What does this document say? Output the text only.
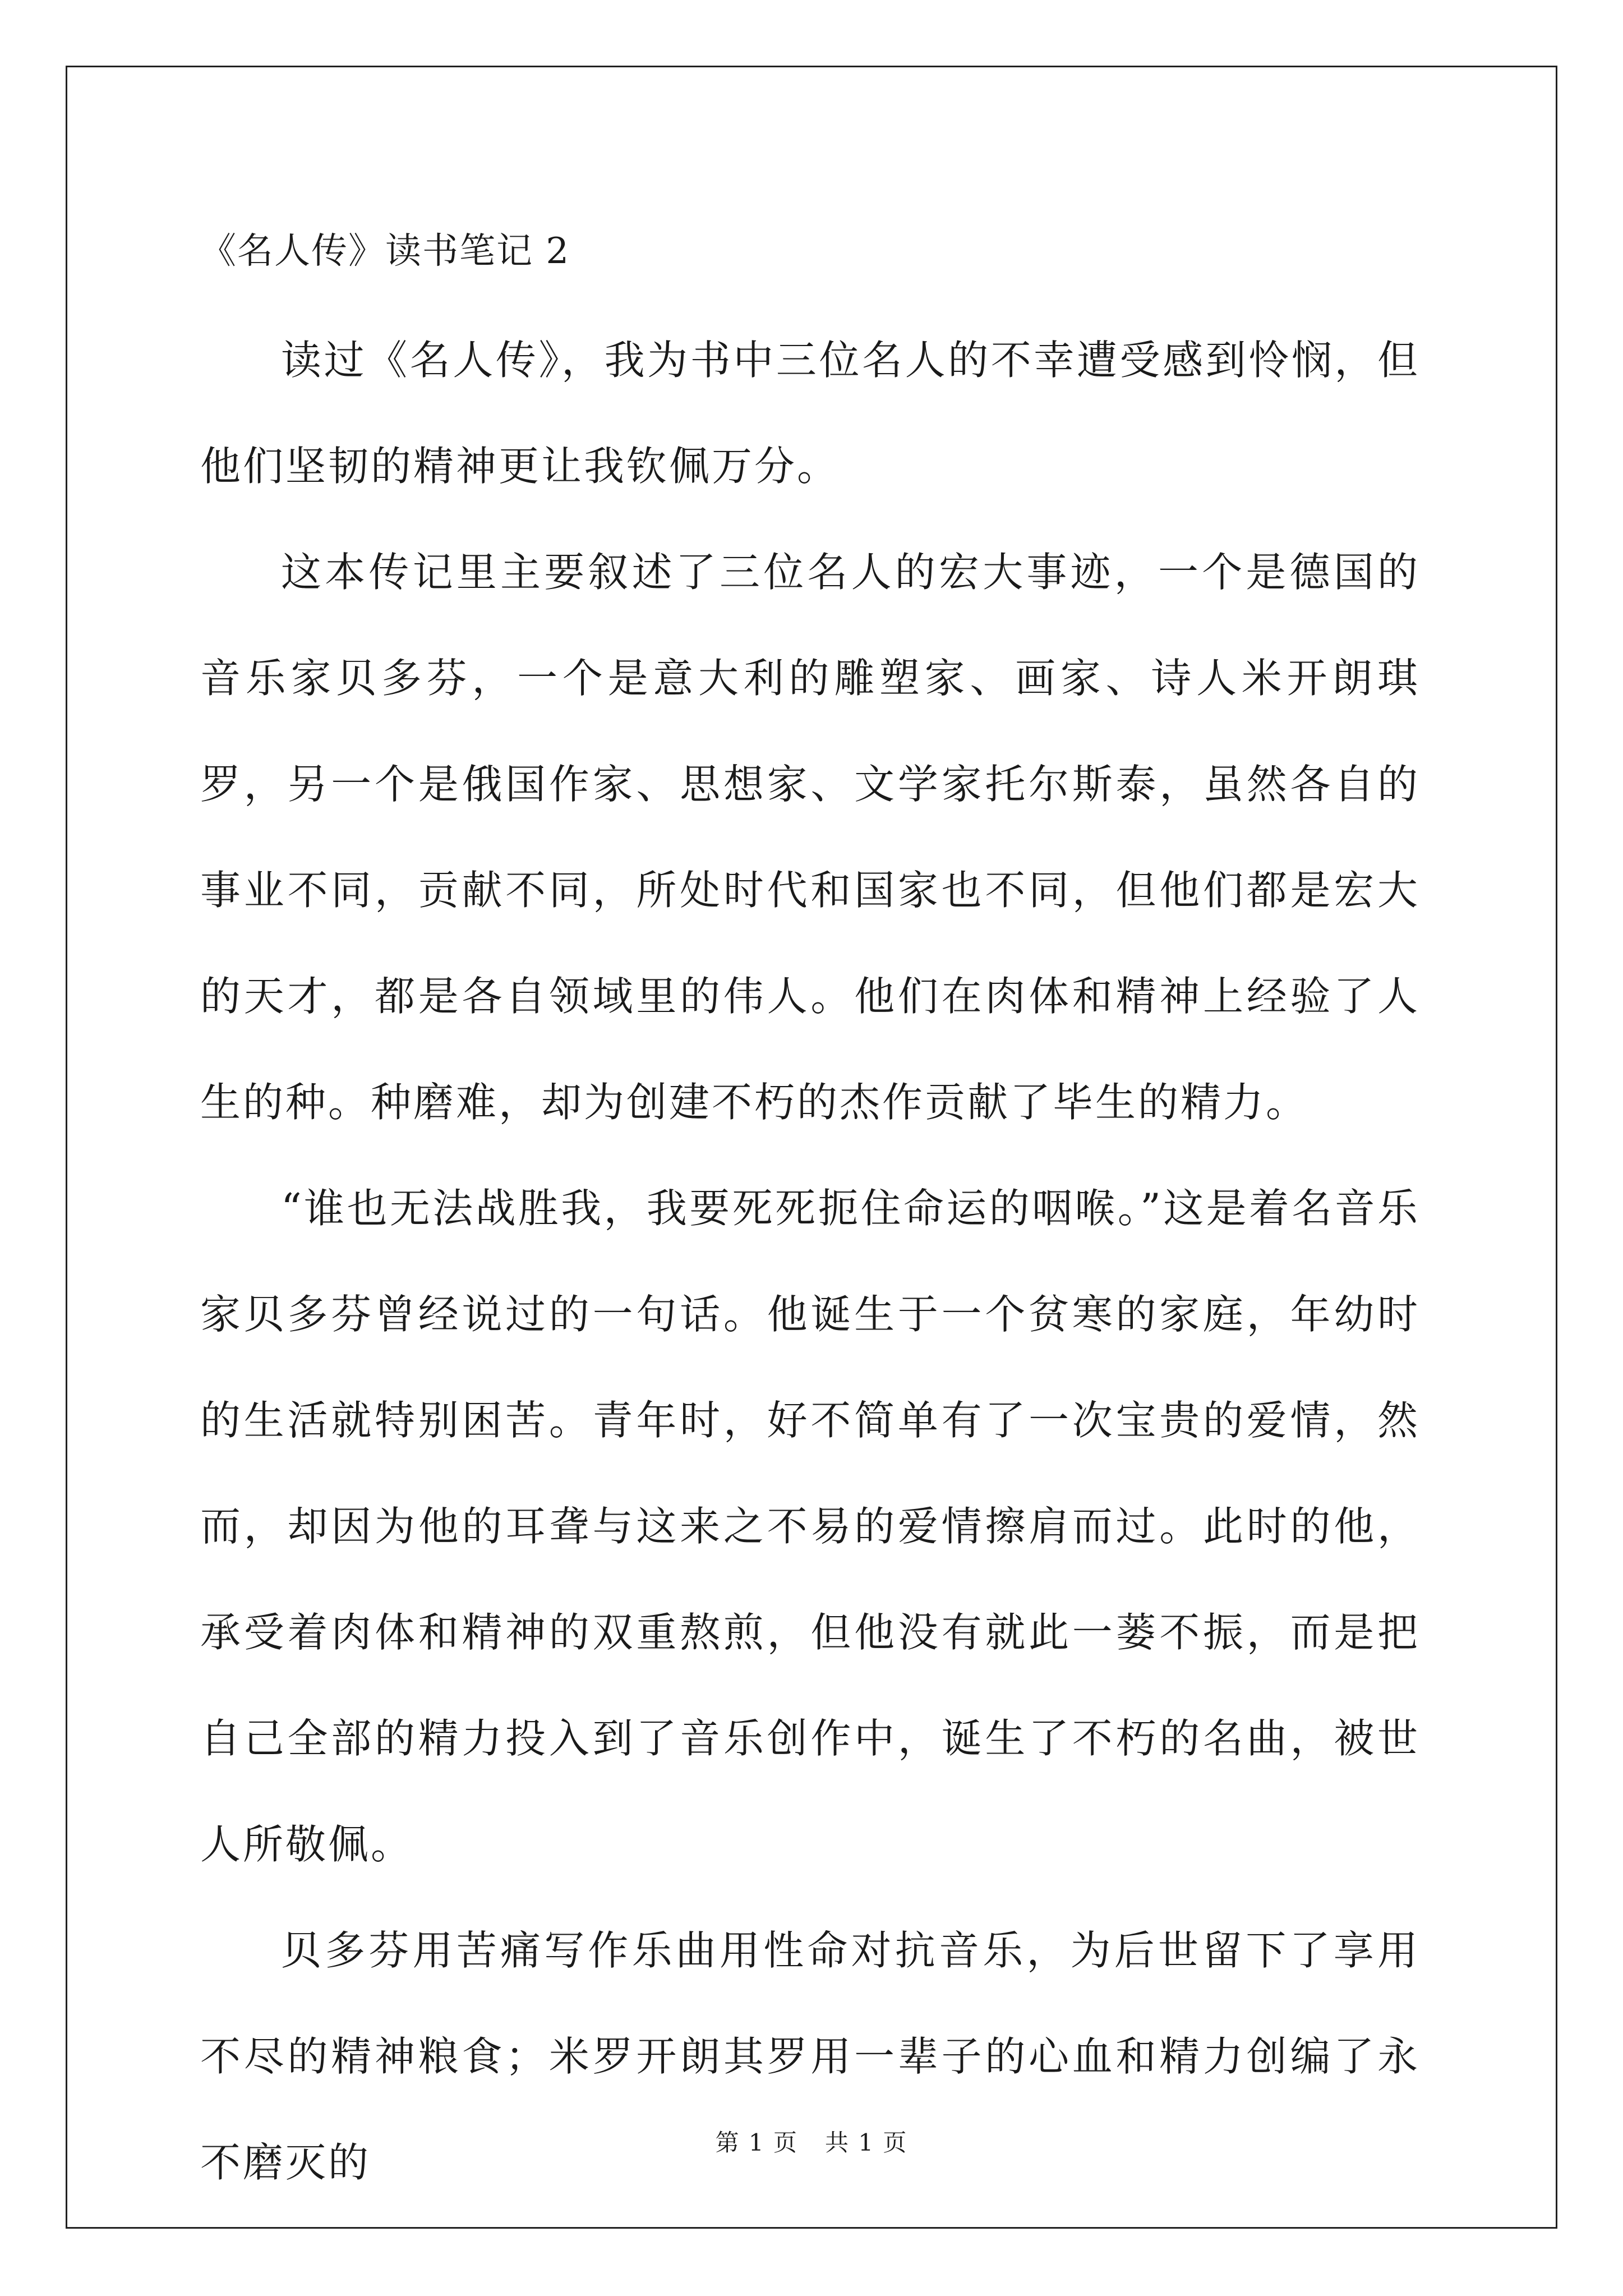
《名人传》读书笔记 2

读过《名人传》，我为书中三位名人的不幸遭受感到怜悯，但他们坚韧的精神更让我钦佩万分。

这本传记里主要叙述了三位名人的宏大事迹，一个是德国的音乐家贝多芬，一个是意大利的雕塑家、画家、诗人米开朗琪罗，另一个是俄国作家、思想家、文学家托尔斯泰，虽然各自的事业不同，贡献不同，所处时代和国家也不同，但他们都是宏大的天才，都是各自领域里的伟人。他们在肉体和精神上经验了人生的种。种磨难，却为创建不朽的杰作贡献了毕生的精力。

“谁也无法战胜我，我要死死扼住命运的咽喉。”这是着名音乐家贝多芬曾经说过的一句话。他诞生于一个贫寒的家庭，年幼时的生活就特别困苦。青年时，好不简单有了一次宝贵的爱情，然而，却因为他的耳聋与这来之不易的爱情擦肩而过。此时的他，承受着肉体和精神的双重熬煎，但他没有就此一蒌不振，而是把自己全部的精力投入到了音乐创作中，诞生了不朽的名曲，被世人所敬佩。

贝多芬用苦痛写作乐曲用性命对抗音乐，为后世留下了享用不尽的精神粮食；米罗开朗其罗用一辈子的心血和精力创编了永不磨灭的	第 1 页 共 1 页
